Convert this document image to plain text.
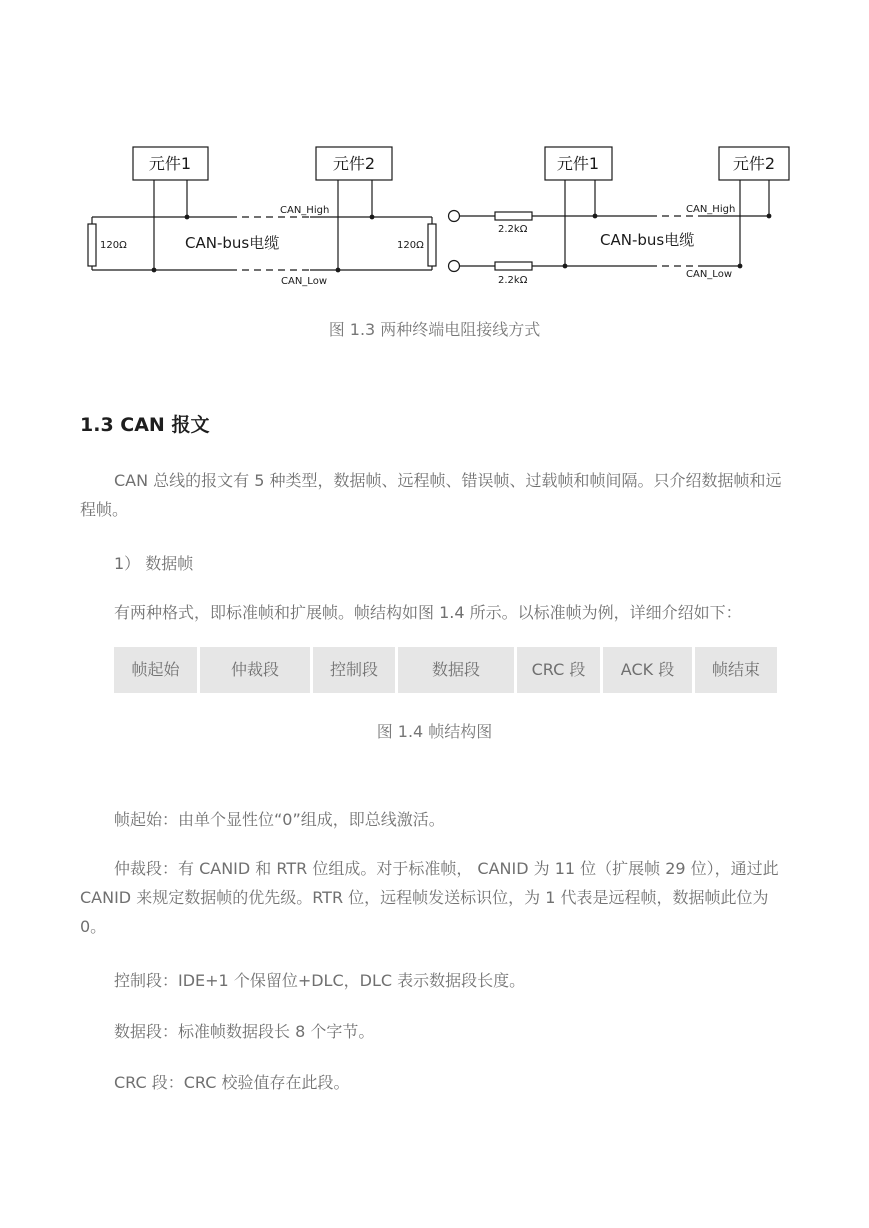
元件1	元件2
CAN_High
CAN_Low
CAN-bus电缆
120Ω	120Ω
元件1	元件2
CAN_High
CAN_Low
CAN-bus电缆
2.2kΩ
2.2kΩ
图 1.3 两种终端电阻接线方式
1.3 CAN 报文
CAN 总线的报文有 5 种类型，数据帧、远程帧、错误帧、过载帧和帧间隔。只介绍数据帧和远程帧。
1） 数据帧
有两种格式，即标准帧和扩展帧。帧结构如图 1.4 所示。以标准帧为例，详细介绍如下：
帧起始	仲裁段	控制段	数据段	CRC 段	ACK 段	帧结束
图 1.4 帧结构图
帧起始：由单个显性位“0”组成，即总线激活。
仲裁段：有 CANID 和 RTR 位组成。对于标准帧， CANID 为 11 位（扩展帧 29 位），通过此 CANID 来规定数据帧的优先级。RTR 位，远程帧发送标识位，为 1 代表是远程帧，数据帧此位为 0。
控制段：IDE+1 个保留位+DLC，DLC 表示数据段长度。
数据段：标准帧数据段长 8 个字节。
CRC 段：CRC 校验值存在此段。
